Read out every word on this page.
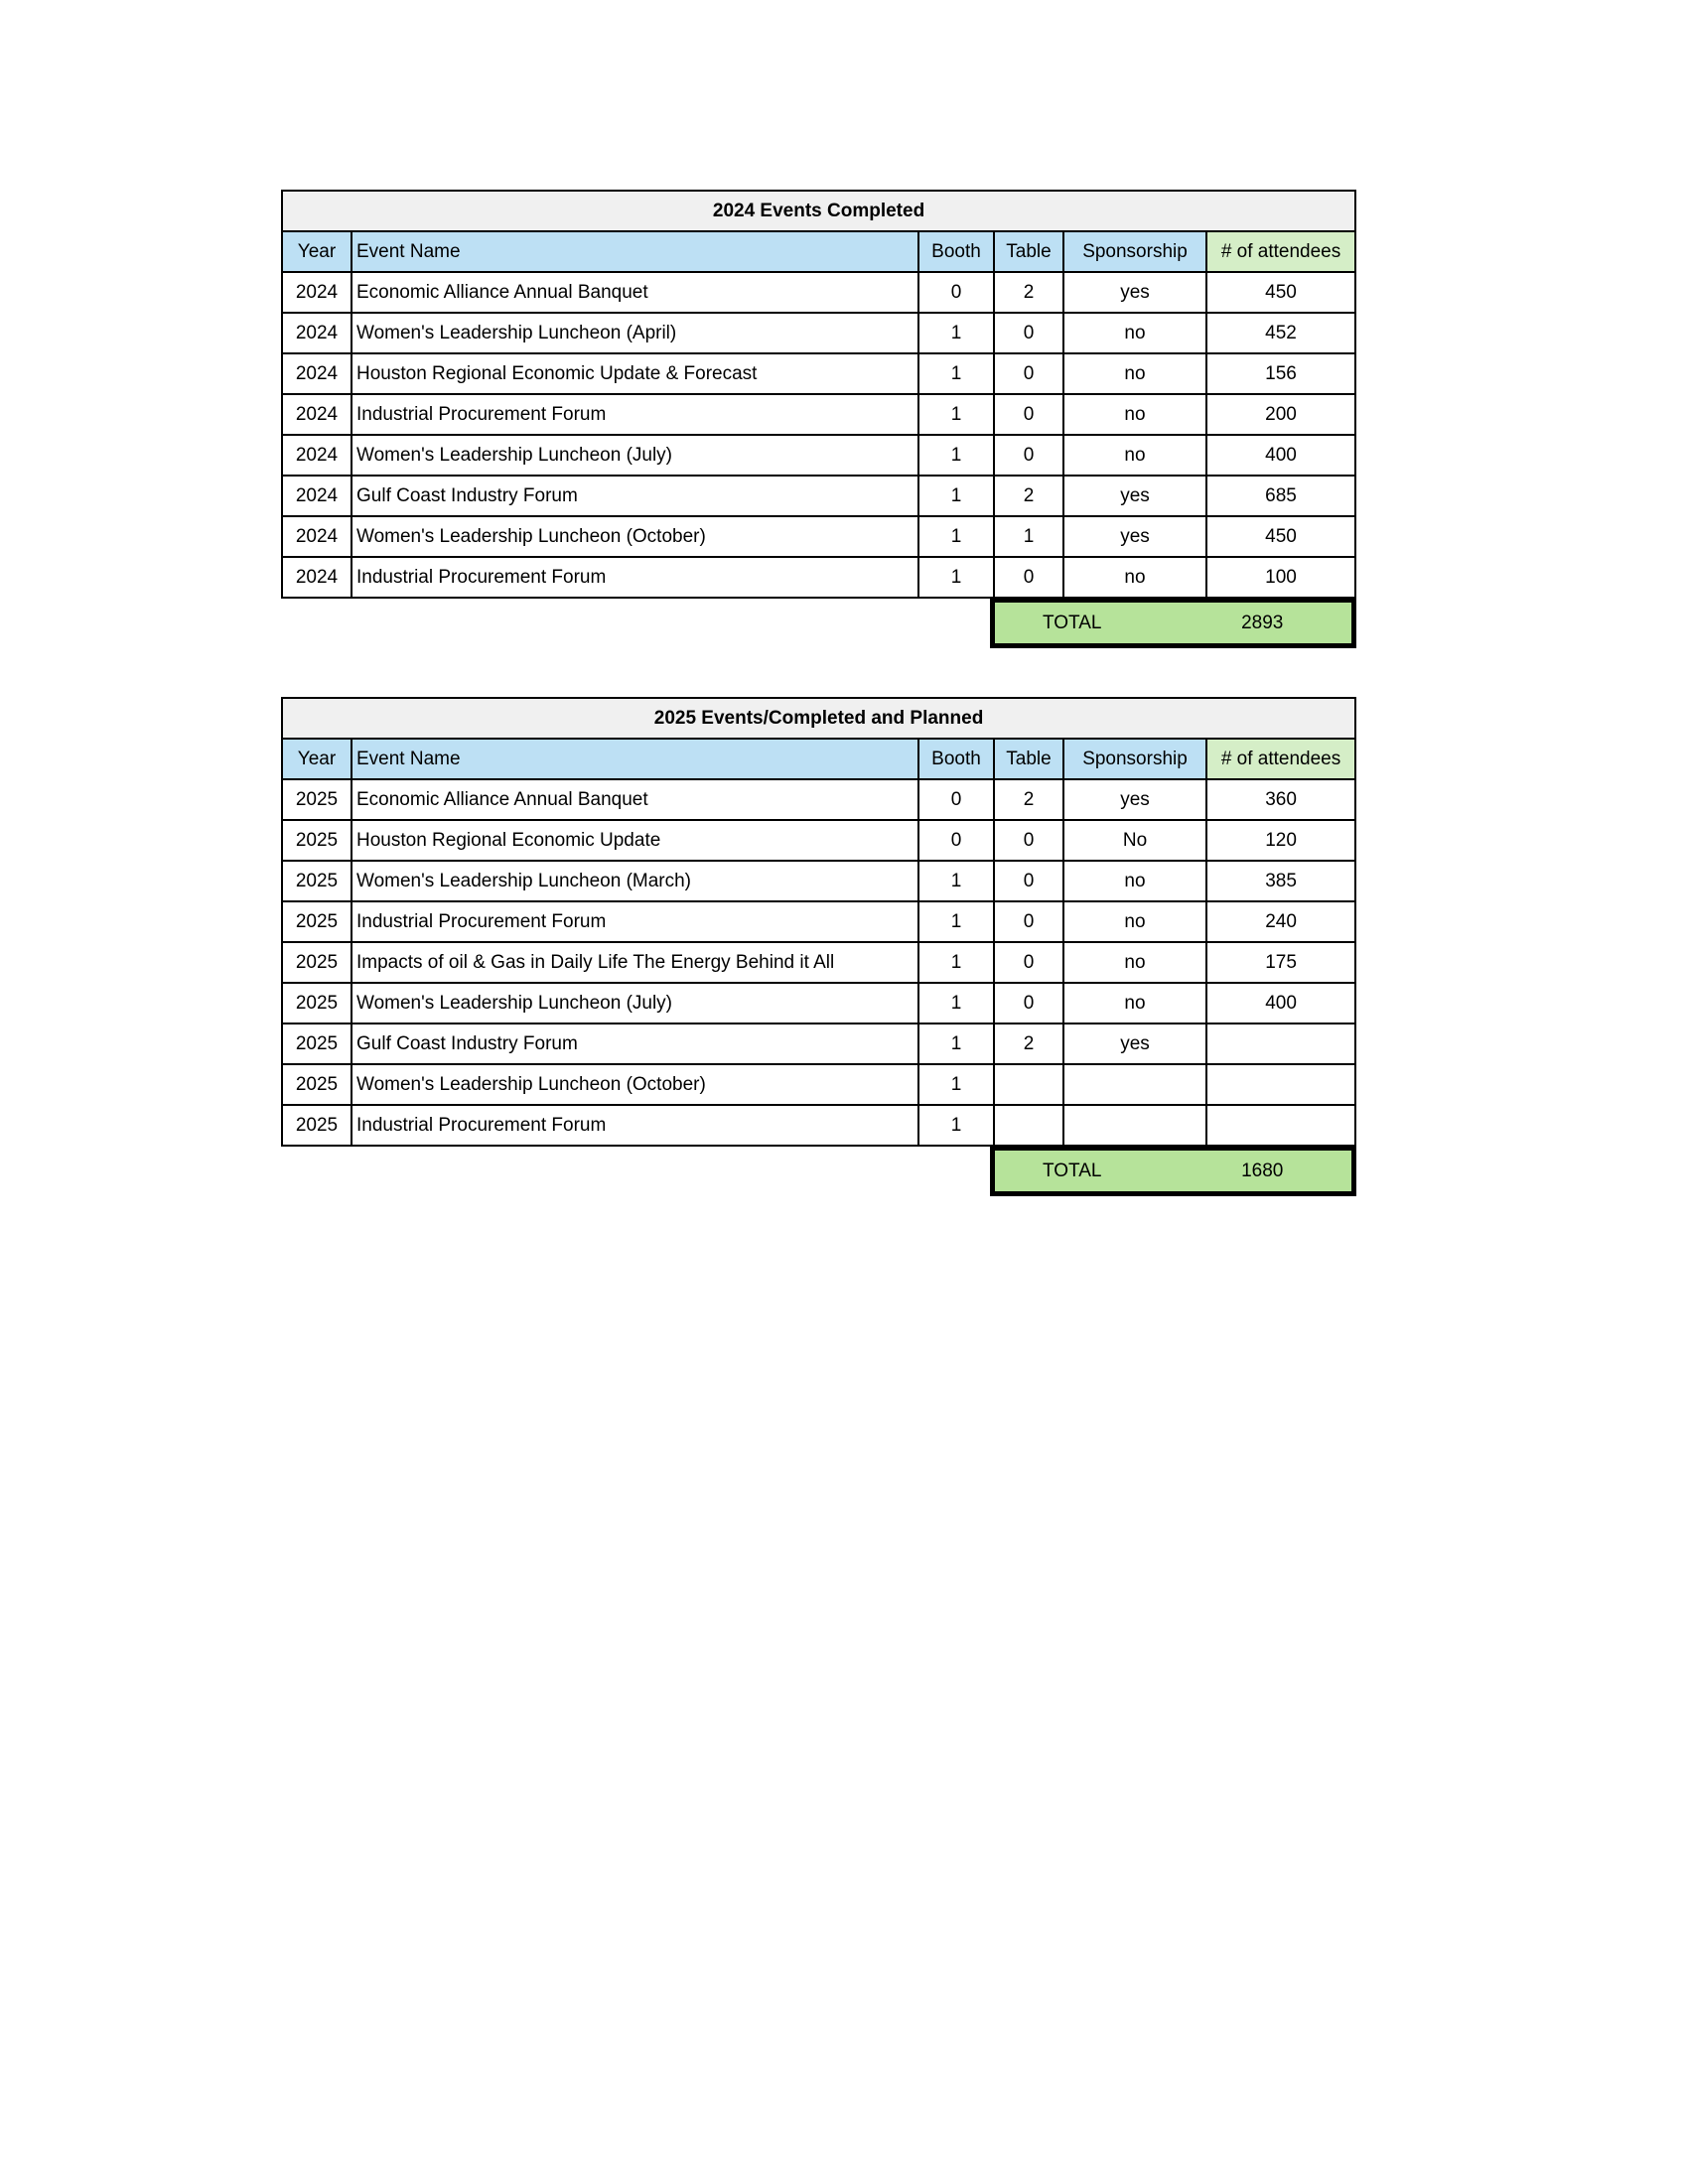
2024 Events Completed					
Year	Event Name	Booth	Table	Sponsorship	# of attendees
2024	Economic Alliance Annual Banquet	0	2	yes	450
2024	Women's Leadership Luncheon (April)	1	0	no	452
2024	Houston Regional Economic Update & Forecast	1	0	no	156
2024	Industrial Procurement Forum	1	0	no	200
2024	Women's Leadership Luncheon (July)	1	0	no	400
2024	Gulf Coast Industry Forum	1	2	yes	685
2024	Women's Leadership Luncheon (October)	1	1	yes	450
2024	Industrial Procurement Forum	1	0	no	100
TOTAL	2893
2025 Events/Completed and Planned					
Year	Event Name	Booth	Table	Sponsorship	# of attendees
2025	Economic Alliance Annual Banquet	0	2	yes	360
2025	Houston Regional Economic Update	0	0	No	120
2025	Women's Leadership Luncheon (March)	1	0	no	385
2025	Industrial Procurement Forum	1	0	no	240
2025	Impacts of oil & Gas in Daily Life The Energy Behind it All	1	0	no	175
2025	Women's Leadership Luncheon (July)	1	0	no	400
2025	Gulf Coast Industry Forum	1	2	yes	
2025	Women's Leadership Luncheon (October)	1			
2025	Industrial Procurement Forum	1			
TOTAL	1680
